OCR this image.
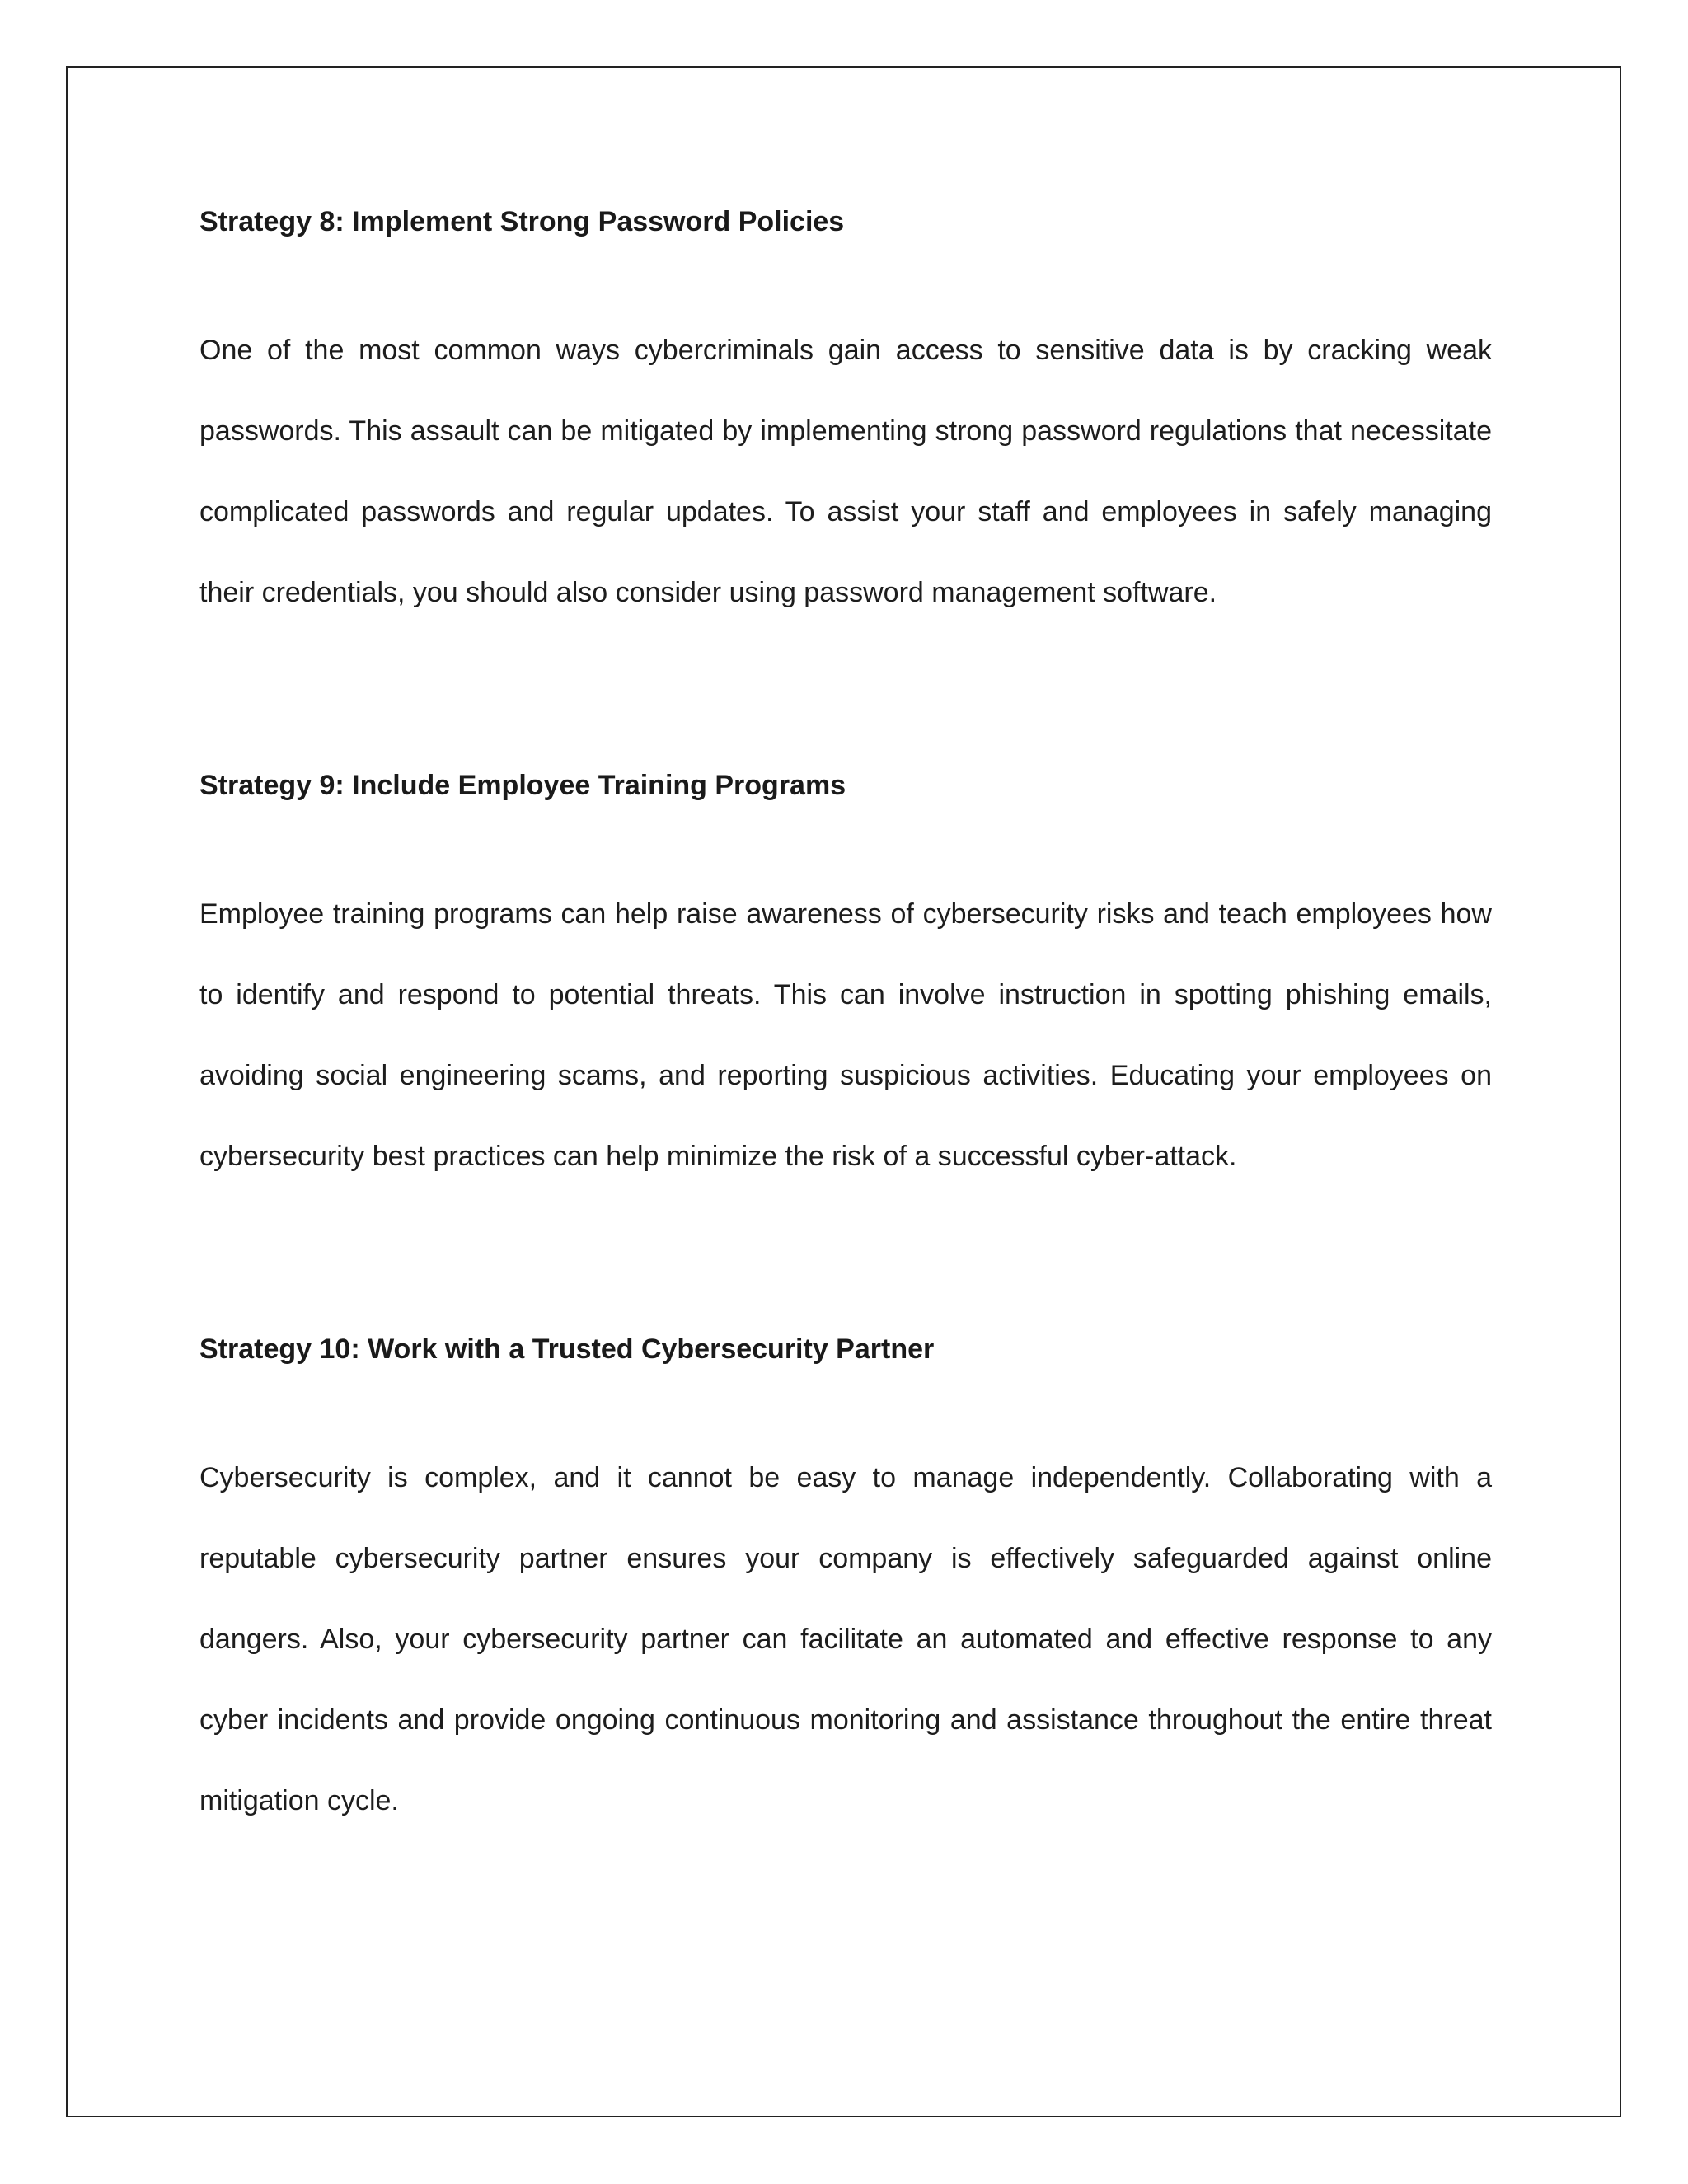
Strategy 8: Implement Strong Password Policies

One of the most common ways cybercriminals gain access to sensitive data is by cracking weak passwords. This assault can be mitigated by implementing strong password regulations that necessitate complicated passwords and regular updates. To assist your staff and employees in safely managing their credentials, you should also consider using password management software.

Strategy 9: Include Employee Training Programs

Employee training programs can help raise awareness of cybersecurity risks and teach employees how to identify and respond to potential threats. This can involve instruction in spotting phishing emails, avoiding social engineering scams, and reporting suspicious activities. Educating your employees on cybersecurity best practices can help minimize the risk of a successful cyber-attack.

Strategy 10: Work with a Trusted Cybersecurity Partner

Cybersecurity is complex, and it cannot be easy to manage independently. Collaborating with a reputable cybersecurity partner ensures your company is effectively safeguarded against online dangers. Also, your cybersecurity partner can facilitate an automated and effective response to any cyber incidents and provide ongoing continuous monitoring and assistance throughout the entire threat mitigation cycle.
